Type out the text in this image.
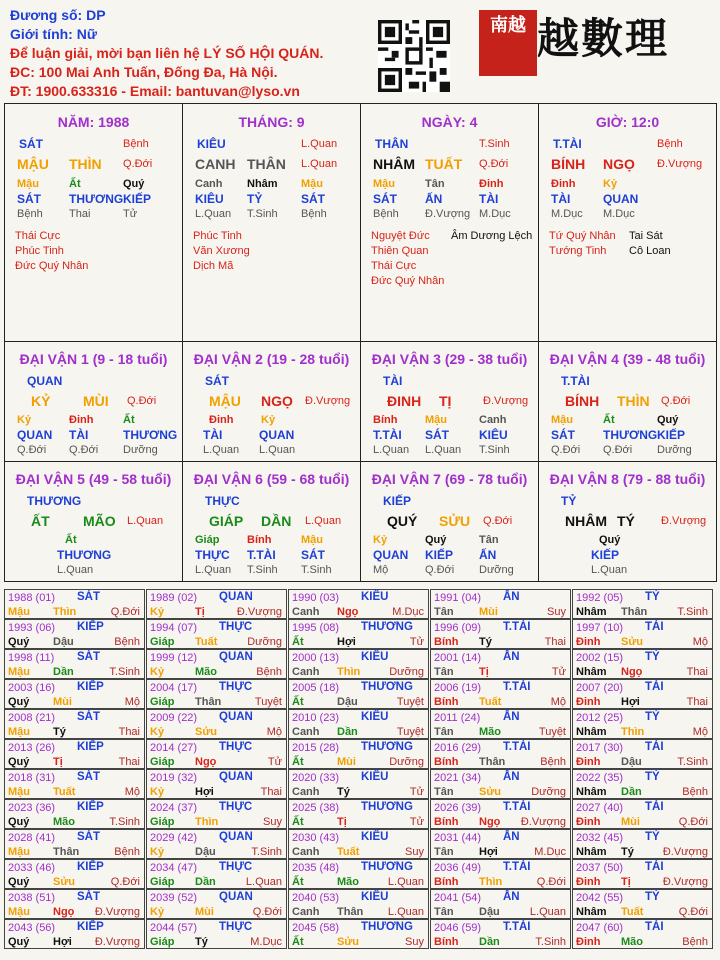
Đương số: DP
Giới tính: Nữ
Để luận giải, mời bạn liên hệ LÝ SỐ HỘI QUÁN.
ĐC: 100 Mai Anh Tuấn, Đống Đa, Hà Nội.
ĐT: 1900.633316 - Email: bantuvan@lyso.vn
南越 越數理
NĂM: 1988
SÁT	Bệnh
MẬU THÌN Q.Đới
Mậu	Ất	Quý
SÁT THƯƠNG KIẾP
Bệnh Thai	Tử
Thái Cực
Phúc Tinh
Đức Quý Nhân
THÁNG: 9
KIÊU	L.Quan
CANH THÂN L.Quan
Canh Nhâm Mậu
KIÊU TỶ	SÁT
L.Quan T.Sinh Bệnh
Phúc Tinh
Văn Xương
Dịch Mã
NGÀY: 4
THÂN	T.Sinh
NHÂM TUẤT Q.Đới
Mậu	Tân	Đinh
SÁT ẤN	TÀI
Bệnh Đ.Vượng M.Dục
Nguyệt Đức
Thiên Quan
Thái Cực
Đức Quý Nhân
Âm Dương Lệch
GIỜ: 12:0
T.TÀI	Bệnh
BÍNH NGỌ Đ.Vượng
Đinh	Kỷ
TÀI	QUAN
M.Dục M.Dục
Tứ Quý Nhân
Tướng Tinh
Tai Sát
Cô Loan
ĐẠI VẬN 1 (9 - 18 tuổi)
QUAN
KỶ MÙI Q.Đới
Kỷ	Đinh	Ất
QUAN TÀI	THƯƠNG
Q.Đới Q.Đới Dưỡng
ĐẠI VẬN 2 (19 - 28 tuổi)
SÁT
MẬU NGỌ Đ.Vượng
Đinh	Kỷ
TÀI	QUAN
L.Quan L.Quan
ĐẠI VẬN 3 (29 - 38 tuổi)
TÀI
ĐINH TỊ	Đ.Vượng
Bính	Mậu	Canh
T.TÀI SÁT	KIÊU
L.Quan L.Quan T.Sinh
ĐẠI VẬN 4 (39 - 48 tuổi)
T.TÀI
BÍNH THÌN Q.Đới
Mậu	Ất	Quý
SÁT THƯƠNG KIẾP
Q.Đới Q.Đới Dưỡng
ĐẠI VẬN 5 (49 - 58 tuổi)
THƯƠNG
ẤT MÃO L.Quan
Ất
THƯƠNG
L.Quan
ĐẠI VẬN 6 (59 - 68 tuổi)
THỰC
GIÁP DẦN L.Quan
Giáp	Bính	Mậu
THỰC T.TÀI SÁT
L.Quan T.Sinh T.Sinh
ĐẠI VẬN 7 (69 - 78 tuổi)
KIẾP
QUÝ SỬU Q.Đới
Kỷ	Quý	Tân
QUAN KIẾP ẤN
Mộ	Q.Đới Dưỡng
ĐẠI VẬN 8 (79 - 88 tuổi)
TỶ
NHÂM TÝ Đ.Vượng
Quý
KIẾP
L.Quan
1988 (01) SÁT
Mậu Thìn	Q.Đới
1989 (02) QUAN
Kỷ	Tị	Đ.Vượng
1990 (03) KIÊU
Canh Ngọ	M.Dục
1991 (04) ẤN
Tân Mùi	Suy
1992 (05) TỶ
Nhâm Thân	T.Sinh
1993 (06) KIẾP
Quý Dậu	Bệnh
1994 (07) THỰC
Giáp Tuất	Dưỡng
1995 (08) THƯƠNG
Ất	Hợi	Tử
1996 (09) T.TÀI
Bính Tý	Thai
1997 (10) TÀI
Đinh Sửu	Mộ
1998 (11) SÁT
Mậu Dần	T.Sinh
1999 (12) QUAN
Kỷ	Mão	Bệnh
2000 (13) KIÊU
Canh Thìn	Dưỡng
2001 (14) ẤN
Tân Tị	Tử
2002 (15) TỶ
Nhâm Ngọ	Thai
2003 (16) KIẾP
Quý Mùi	Mộ
2004 (17) THỰC
Giáp Thân	Tuyệt
2005 (18) THƯƠNG
Ất	Dậu	Tuyệt
2006 (19) T.TÀI
Bính Tuất	Mộ
2007 (20) TÀI
Đinh Hợi	Thai
2008 (21) SÁT
Mậu Tý	Thai
2009 (22) QUAN
Kỷ	Sửu	Mộ
2010 (23) KIÊU
Canh Dần	Tuyệt
2011 (24) ẤN
Tân Mão	Tuyệt
2012 (25) TỶ
Nhâm Thìn	Mộ
2013 (26) KIẾP
Quý Tị	Thai
2014 (27) THỰC
Giáp Ngọ	Tử
2015 (28) THƯƠNG
Ất	Mùi	Dưỡng
2016 (29) T.TÀI
Bính Thân	Bệnh
2017 (30) TÀI
Đinh Dậu	T.Sinh
2018 (31) SÁT
Mậu Tuất	Mộ
2019 (32) QUAN
Kỷ	Hợi	Thai
2020 (33) KIÊU
Canh Tý	Tử
2021 (34) ẤN
Tân Sửu	Dưỡng
2022 (35) TỶ
Nhâm Dần	Bệnh
2023 (36) KIẾP
Quý Mão	T.Sinh
2024 (37) THỰC
Giáp Thìn	Suy
2025 (38) THƯƠNG
Ất	Tị	Tử
2026 (39) T.TÀI
Bính Ngọ Đ.Vượng
2027 (40) TÀI
Đinh Mùi	Q.Đới
2028 (41) SÁT
Mậu Thân	Bệnh
2029 (42) QUAN
Kỷ	Dậu	T.Sinh
2030 (43) KIÊU
Canh Tuất	Suy
2031 (44) ẤN
Tân Hợi	M.Dục
2032 (45) TỶ
Nhâm Tý	Đ.Vượng
2033 (46) KIẾP
Quý Sửu	Q.Đới
2034 (47) THỰC
Giáp Dần	L.Quan
2035 (48) THƯƠNG
Ất	Mão	L.Quan
2036 (49) T.TÀI
Bính Thìn	Q.Đới
2037 (50) TÀI
Đinh Tị	Đ.Vượng
2038 (51) SÁT
Mậu Ngọ Đ.Vượng
2039 (52) QUAN
Kỷ	Mùi	Q.Đới
2040 (53) KIÊU
Canh Thân L.Quan
2041 (54) ẤN
Tân Dậu	L.Quan
2042 (55) TỶ
Nhâm Tuất	Q.Đới
2043 (56) KIẾP
Quý Hợi Đ.Vượng
2044 (57) THỰC
Giáp Tý	M.Dục
2045 (58) THƯƠNG
Ất	Sửu	Suy
2046 (59) T.TÀI
Bính Dần	T.Sinh
2047 (60) TÀI
Đinh Mão	Bệnh
